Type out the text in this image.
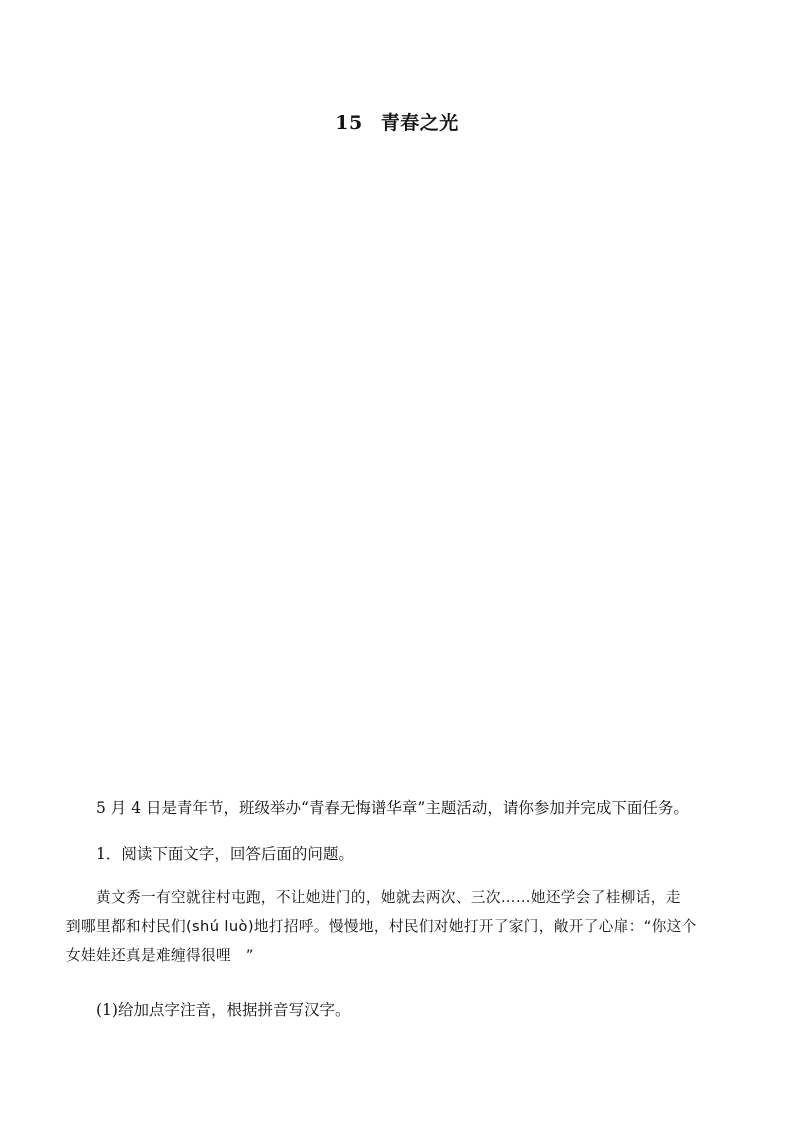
15 青春之光
5 月 4 日是青年节，班级举办“青春无悔谱华章”主题活动，请你参加并完成下面任务。
1．阅读下面文字，回答后面的问题。
黄文秀一有空就往村屯跑，不让她进门的，她就去两次、三次……她还学会了桂柳话，走
到哪里都和村民们(shú luò)地打招呼。慢慢地，村民们对她打开了家门，敞开了心扉：“你这个
女娃娃还真是难缠得很哩　”
(1)给加点字注音，根据拼音写汉字。
